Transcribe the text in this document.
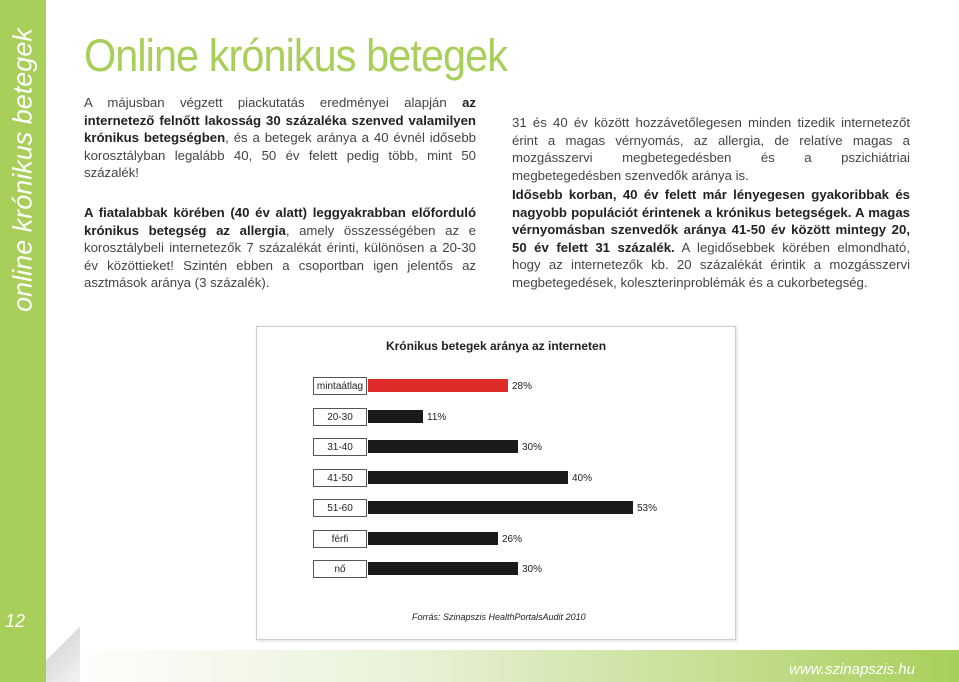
online krónikus betegek
www.szinapszis.hu
12
Online krónikus betegek
A májusban végzett piackutatás eredményei alapján az internetező felnőtt lakosság 30 százaléka szenved valamilyen krónikus betegségben, és a betegek aránya a 40 évnél idősebb korosztályban legalább 40, 50 év felett pedig több, mint 50 százalék!
A fiatalabbak körében (40 év alatt) leggyakrabban előforduló krónikus betegség az allergia, amely összességében az e korosztálybeli internetezők 7 százalékát érinti, különösen a 20-30 év közöttieket! Szintén ebben a csoportban igen jelentős az asztmások aránya (3 százalék).
31 és 40 év között hozzávetőlegesen minden tizedik internetezőt érint a magas vérnyomás, az allergia, de relatíve magas a mozgásszervi megbetegedésben és a pszichiátriai megbetegedésben szenvedők aránya is.
Idősebb korban, 40 év felett már lényegesen gyakoribbak és nagyobb populációt érintenek a krónikus betegségek. A magas vérnyomásban szenvedők aránya 41-50 év között mintegy 20, 50 év felett 31 százalék. A legidősebbek körében elmondható, hogy az internetezők kb. 20 százalékát érintik a mozgásszervi megbetegedések, koleszterinproblémák és a cukorbetegség.
Krónikus betegek aránya az interneten
mintaátlag	28%
20-30	11%
31-40	30%
41-50	40%
51-60	53%
férfi	26%
nő	30%
Forrás: Szinapszis HealthPortalsAudit 2010
